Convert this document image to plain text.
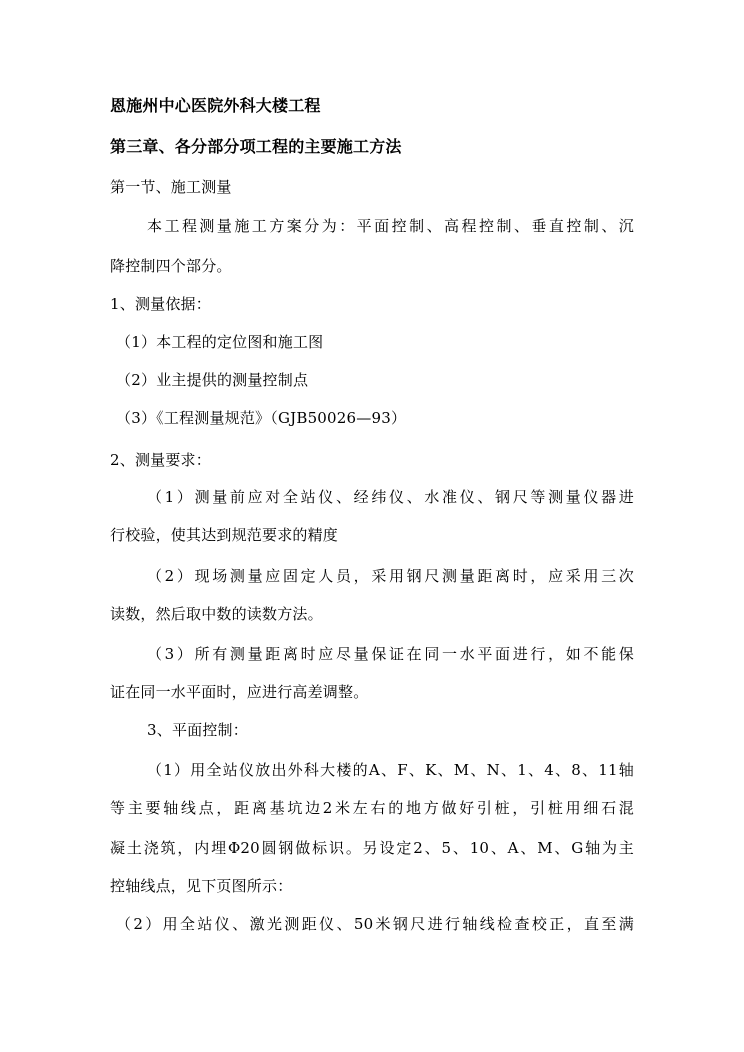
恩施州中心医院外科大楼工程
第三章、各分部分项工程的主要施工方法
第一节、施工测量
本工程测量施工方案分为：平面控制、高程控制、垂直控制、沉
降控制四个部分。
1、测量依据：
（1）本工程的定位图和施工图
（2）业主提供的测量控制点
（3）《工程测量规范》（GJB50026—93）
2、测量要求：
（1）测量前应对全站仪、经纬仪、水准仪、钢尺等测量仪器进
行校验，使其达到规范要求的精度
（2）现场测量应固定人员，采用钢尺测量距离时，应采用三次
读数，然后取中数的读数方法。
（3）所有测量距离时应尽量保证在同一水平面进行，如不能保
证在同一水平面时，应进行高差调整。
3、平面控制：
（1）用全站仪放出外科大楼的A、F、K、M、N、1、4、8、11轴
等主要轴线点，距离基坑边2米左右的地方做好引桩，引桩用细石混
凝土浇筑，内埋Φ20圆钢做标识。另设定2、5、10、A、M、G轴为主
控轴线点，见下页图所示：
（2）用全站仪、激光测距仪、50米钢尺进行轴线检查校正，直至满
